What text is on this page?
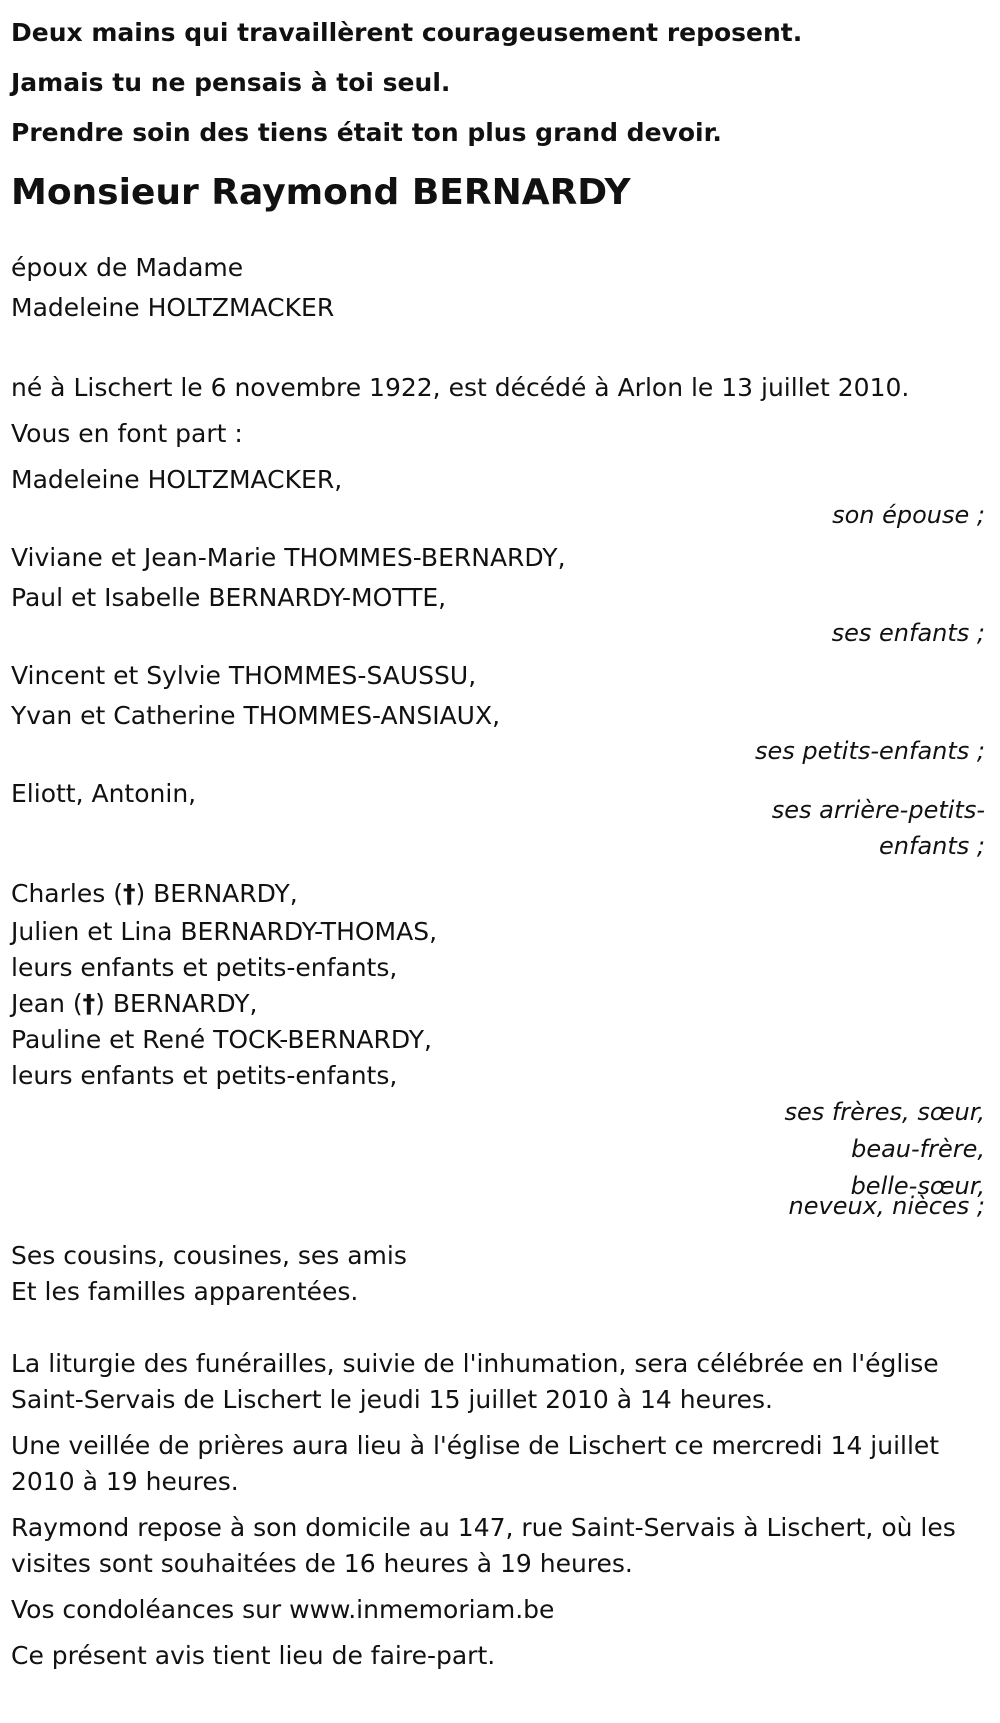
Deux mains qui travaillèrent courageusement reposent.

Jamais tu ne pensais à toi seul.

Prendre soin des tiens était ton plus grand devoir.

Monsieur Raymond BERNARDY

époux de Madame

Madeleine HOLTZMACKER

né à Lischert le 6 novembre 1922, est décédé à Arlon le 13 juillet 2010.

Vous en font part :

Madeleine HOLTZMACKER,

son épouse ;

Viviane et Jean-Marie THOMMES-BERNARDY,

Paul et Isabelle BERNARDY-MOTTE,

ses enfants ;

Vincent et Sylvie THOMMES-SAUSSU,

Yvan et Catherine THOMMES-ANSIAUX,

ses petits-enfants ;

Eliott, Antonin,

ses arrière-petits-
enfants ;

Charles (†) BERNARDY,

Julien et Lina BERNARDY-THOMAS,

leurs enfants et petits-enfants,

Jean (†) BERNARDY,

Pauline et René TOCK-BERNARDY,

leurs enfants et petits-enfants,

ses frères, sœur,
beau-frère,
belle-sœur,
neveux, nièces ;

Ses cousins, cousines, ses amis

Et les familles apparentées.

La liturgie des funérailles, suivie de l'inhumation, sera célébrée en l'église Saint-Servais de Lischert le jeudi 15 juillet 2010 à 14 heures.

Une veillée de prières aura lieu à l'église de Lischert ce mercredi 14 juillet 2010 à 19 heures.

Raymond repose à son domicile au 147, rue Saint-Servais à Lischert, où les visites sont souhaitées de 16 heures à 19 heures.

Vos condoléances sur www.inmemoriam.be

Ce présent avis tient lieu de faire-part.
